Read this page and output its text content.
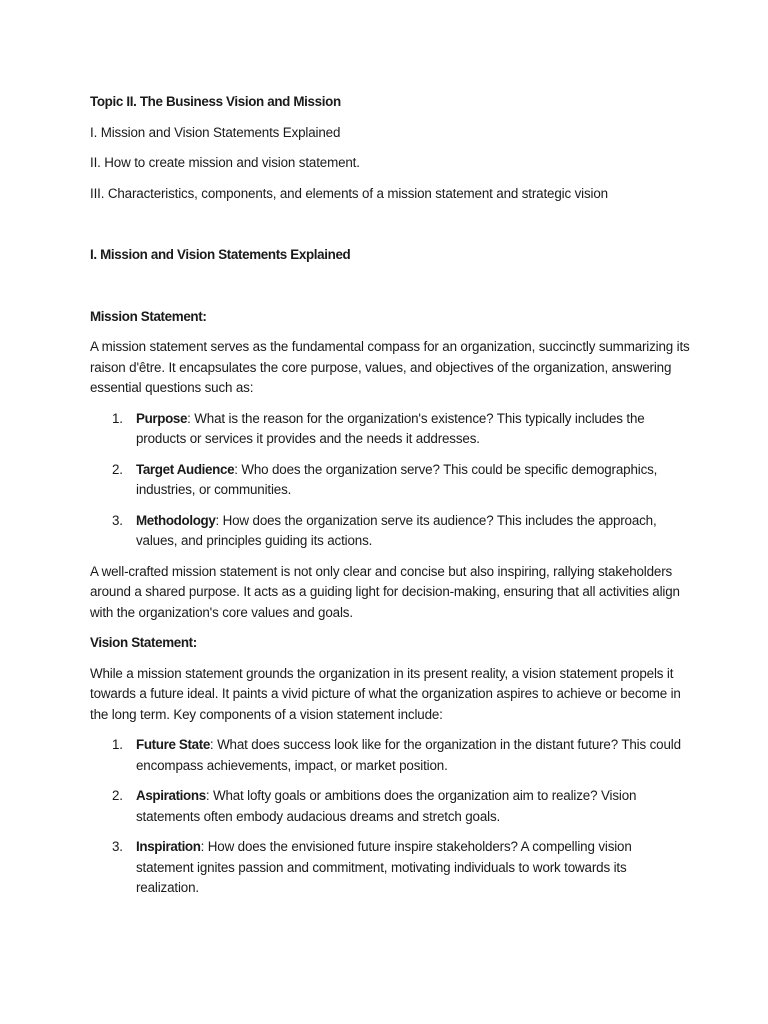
Topic II. The Business Vision and Mission

I. Mission and Vision Statements Explained

II. How to create mission and vision statement.

III. Characteristics, components, and elements of a mission statement and strategic vision

I. Mission and Vision Statements Explained

Mission Statement:

A mission statement serves as the fundamental compass for an organization, succinctly summarizing its raison d'être. It encapsulates the core purpose, values, and objectives of the organization, answering essential questions such as:

1. Purpose: What is the reason for the organization's existence? This typically includes the products or services it provides and the needs it addresses.
2. Target Audience: Who does the organization serve? This could be specific demographics, industries, or communities.
3. Methodology: How does the organization serve its audience? This includes the approach, values, and principles guiding its actions.

A well-crafted mission statement is not only clear and concise but also inspiring, rallying stakeholders around a shared purpose. It acts as a guiding light for decision-making, ensuring that all activities align with the organization's core values and goals.

Vision Statement:

While a mission statement grounds the organization in its present reality, a vision statement propels it towards a future ideal. It paints a vivid picture of what the organization aspires to achieve or become in the long term. Key components of a vision statement include:

1. Future State: What does success look like for the organization in the distant future? This could encompass achievements, impact, or market position.
2. Aspirations: What lofty goals or ambitions does the organization aim to realize? Vision statements often embody audacious dreams and stretch goals.
3. Inspiration: How does the envisioned future inspire stakeholders? A compelling vision statement ignites passion and commitment, motivating individuals to work towards its realization.
